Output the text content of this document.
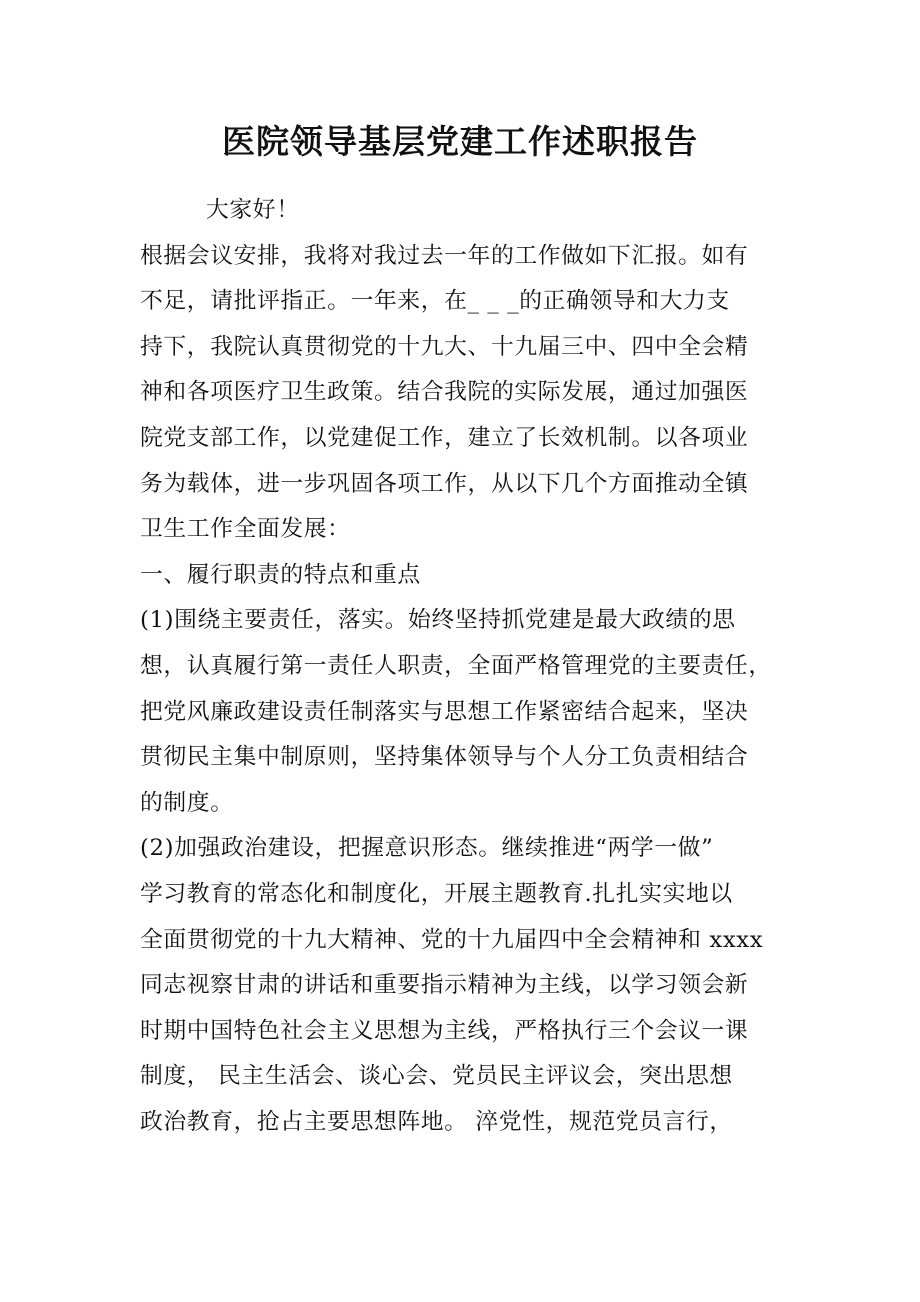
医院领导基层党建工作述职报告
大家好！
根据会议安排，我将对我过去一年的工作做如下汇报。如有
不足，请批评指正。一年来，在_ _ _的正确领导和大力支
持下，我院认真贯彻党的十九大、十九届三中、四中全会精
神和各项医疗卫生政策。结合我院的实际发展，通过加强医
院党支部工作，以党建促工作，建立了长效机制。以各项业
务为载体，进一步巩固各项工作，从以下几个方面推动全镇
卫生工作全面发展：
一、履行职责的特点和重点
(1)围绕主要责任，落实。始终坚持抓党建是最大政绩的思
想，认真履行第一责任人职责，全面严格管理党的主要责任，
把党风廉政建设责任制落实与思想工作紧密结合起来，坚决
贯彻民主集中制原则，坚持集体领导与个人分工负责相结合
的制度。
(2)加强政治建设，把握意识形态。继续推进“两学一做”
学习教育的常态化和制度化，开展主题教育.扎扎实实地以
全面贯彻党的十九大精神、党的十九届四中全会精神和 xxxx
同志视察甘肃的讲话和重要指示精神为主线，以学习领会新
时期中国特色社会主义思想为主线，严格执行三个会议一课
制度， 民主生活会、谈心会、党员民主评议会，突出思想
政治教育，抢占主要思想阵地。 淬党性，规范党员言行，
